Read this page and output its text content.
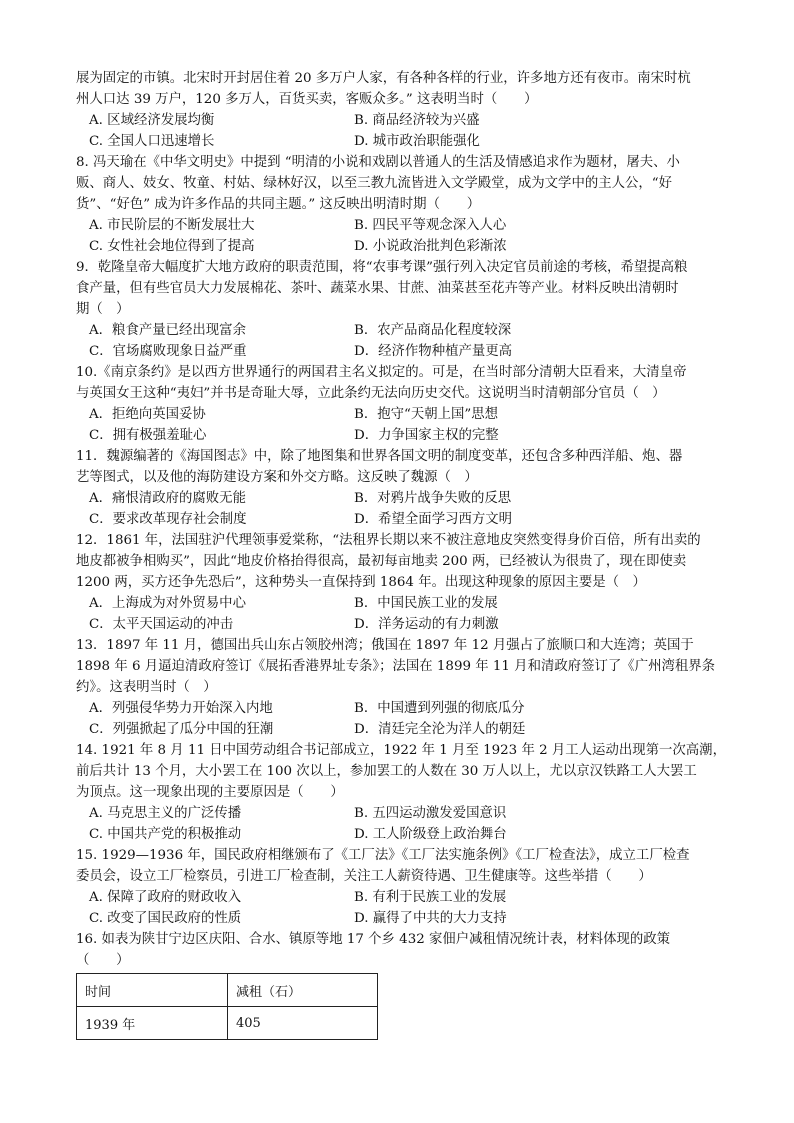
展为固定的市镇。北宋时开封居住着 20 多万户人家，有各种各样的行业，许多地方还有夜市。南宋时杭
州人口达 39 万户，120 多万人，百货买卖，客贩众多。” 这表明当时（　　）
A. 区域经济发展均衡	B. 商品经济较为兴盛
C. 全国人口迅速增长	D. 城市政治职能强化
8. 冯天瑜在《中华文明史》中提到 “明清的小说和戏剧以普通人的生活及情感追求作为题材，屠夫、小
贩、商人、妓女、牧童、村姑、绿林好汉，以至三教九流皆进入文学殿堂，成为文学中的主人公，“好
货”、“好色” 成为许多作品的共同主题。” 这反映出明清时期（　　）
A. 市民阶层的不断发展壮大	B. 四民平等观念深入人心
C. 女性社会地位得到了提高	D. 小说政治批判色彩渐浓
9．乾隆皇帝大幅度扩大地方政府的职责范围，将“农事考课”强行列入决定官员前途的考核，希望提高粮
食产量，但有些官员大力发展棉花、茶叶、蔬菜水果、甘蔗、油菜甚至花卉等产业。材料反映出清朝时
期（　）
A．粮食产量已经出现富余	B．农产品商品化程度较深
C．官场腐败现象日益严重	D．经济作物种植产量更高
10.《南京条约》是以西方世界通行的两国君主名义拟定的。可是，在当时部分清朝大臣看来，大清皇帝
与英国女王这种“夷妇”并书是奇耻大辱，立此条约无法向历史交代。这说明当时清朝部分官员（　）
A．拒绝向英国妥协	B．抱守“天朝上国”思想
C．拥有极强羞耻心	D．力争国家主权的完整
11．魏源编著的《海国图志》中，除了地图集和世界各国文明的制度变革，还包含多种西洋船、炮、器
艺等图式，以及他的海防建设方案和外交方略。这反映了魏源（　）
A．痛恨清政府的腐败无能	B．对鸦片战争失败的反思
C．要求改革现存社会制度	D．希望全面学习西方文明
12．1861 年，法国驻沪代理领事爱棠称，“法租界长期以来不被注意地皮突然变得身价百倍，所有出卖的
地皮都被争相购买”，因此“地皮价格抬得很高，最初每亩地卖 200 两，已经被认为很贵了，现在即使卖
1200 两，买方还争先恐后”，这种势头一直保持到 1864 年。出现这种现象的原因主要是（　）
A．上海成为对外贸易中心	B．中国民族工业的发展
C．太平天国运动的冲击	D．洋务运动的有力刺激
13．1897 年 11 月，德国出兵山东占领胶州湾；俄国在 1897 年 12 月强占了旅顺口和大连湾；英国于
1898 年 6 月逼迫清政府签订《展拓香港界址专条》；法国在 1899 年 11 月和清政府签订了《广州湾租界条
约》。这表明当时（　）
A．列强侵华势力开始深入内地	B．中国遭到列强的彻底瓜分
C．列强掀起了瓜分中国的狂潮	D．清廷完全沦为洋人的朝廷
14. 1921 年 8 月 11 日中国劳动组合书记部成立，1922 年 1 月至 1923 年 2 月工人运动出现第一次高潮，
前后共计 13 个月，大小罢工在 100 次以上，参加罢工的人数在 30 万人以上，尤以京汉铁路工人大罢工
为顶点。这一现象出现的主要原因是（　　）
A. 马克思主义的广泛传播	B. 五四运动激发爱国意识
C. 中国共产党的积极推动	D. 工人阶级登上政治舞台
15. 1929—1936 年，国民政府相继颁布了《工厂法》《工厂法实施条例》《工厂检查法》，成立工厂检查
委员会，设立工厂检察员，引进工厂检查制，关注工人薪资待遇、卫生健康等。这些举措（　　）
A. 保障了政府的财政收入	B. 有利于民族工业的发展
C. 改变了国民政府的性质	D. 赢得了中共的大力支持
16. 如表为陕甘宁边区庆阳、合水、镇原等地 17 个乡 432 家佃户减租情况统计表，材料体现的政策
（　　）
时间	减租（石）
1939 年	405
